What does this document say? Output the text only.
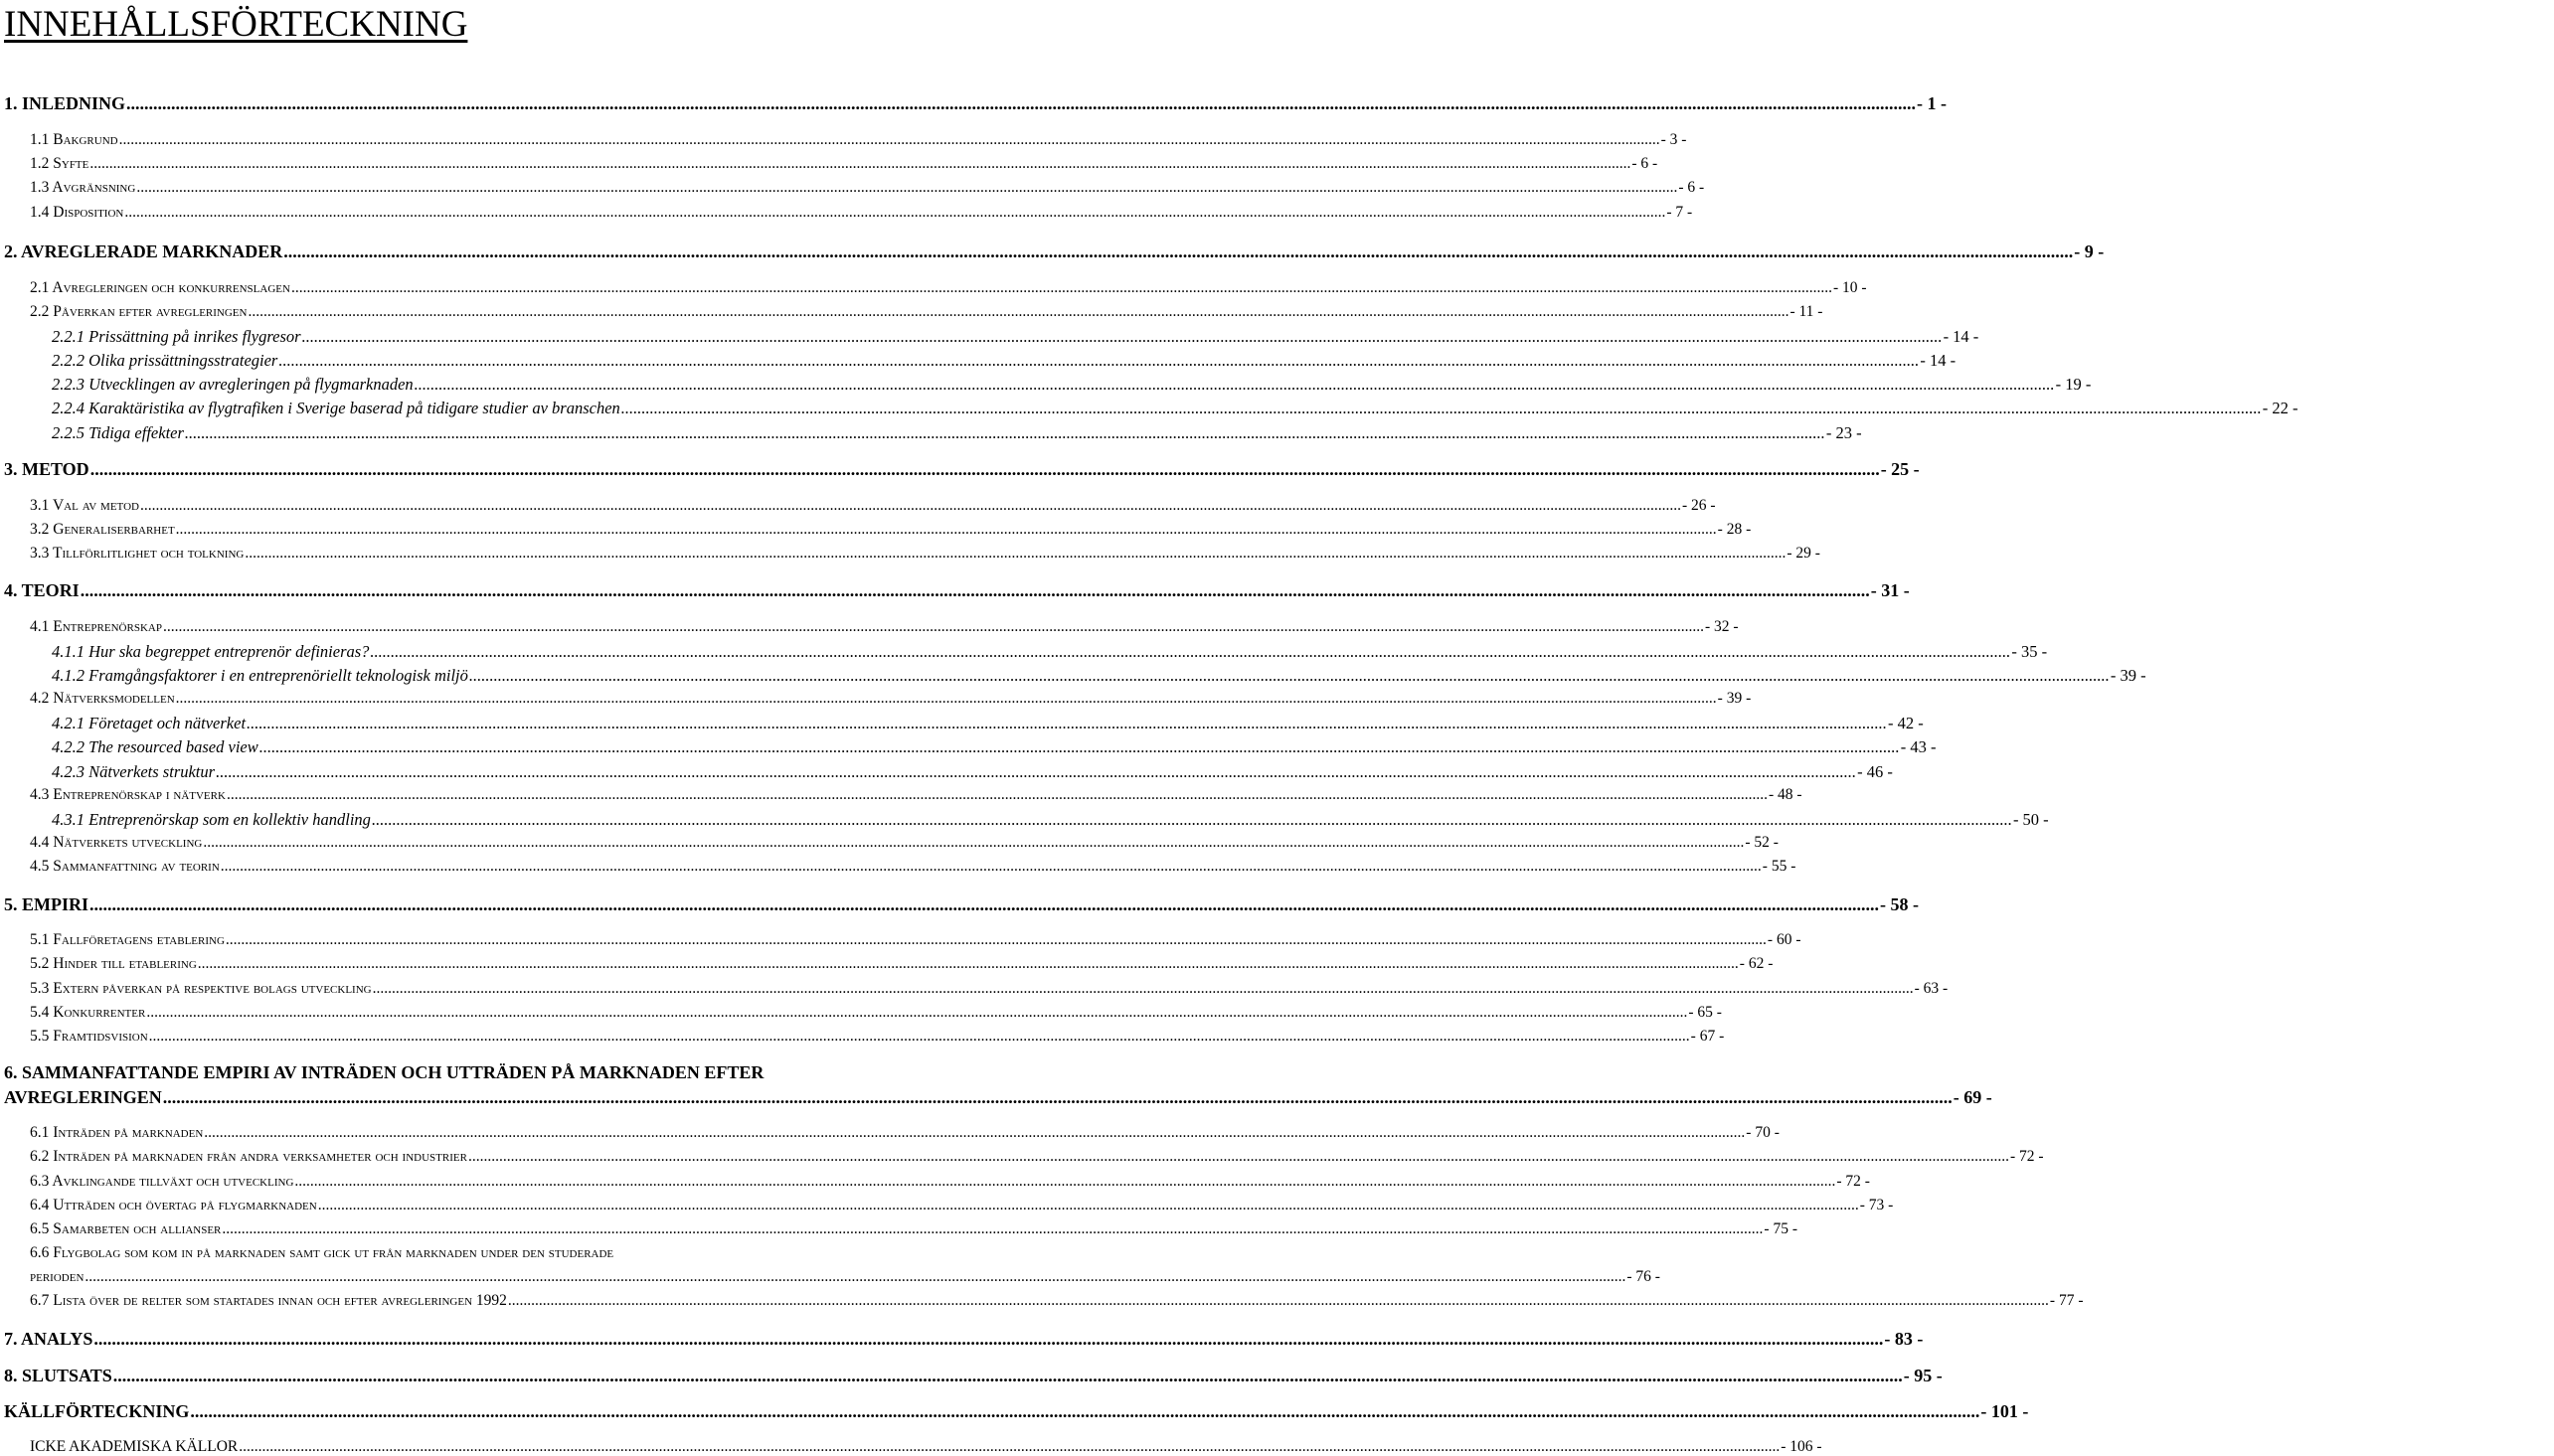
INNEHÅLLSFÖRTECKNING
1. INLEDNING ................................................................................................................................................................................................................................................................................................................................................................................................................ - 1 -
1.1 Bakgrund ................................................................................................................................................................................................................................................................................................................................................................................................................ - 3 -
1.2 Syfte ................................................................................................................................................................................................................................................................................................................................................................................................................ - 6 -
1.3 Avgränsning ................................................................................................................................................................................................................................................................................................................................................................................................................ - 6 -
1.4 Disposition ................................................................................................................................................................................................................................................................................................................................................................................................................ - 7 -
2. AVREGLERADE MARKNADER ................................................................................................................................................................................................................................................................................................................................................................................................................ - 9 -
2.1 Avregleringen och konkurrenslagen ................................................................................................................................................................................................................................................................................................................................................................................................................ - 10 -
2.2 Påverkan efter avregleringen ................................................................................................................................................................................................................................................................................................................................................................................................................ - 11 -
2.2.1 Prissättning på inrikes flygresor ................................................................................................................................................................................................................................................................................................................................................................................................................ - 14 -
2.2.2 Olika prissättningsstrategier ................................................................................................................................................................................................................................................................................................................................................................................................................ - 14 -
2.2.3 Utvecklingen av avregleringen på flygmarknaden ................................................................................................................................................................................................................................................................................................................................................................................................................ - 19 -
2.2.4 Karaktäristika av flygtrafiken i Sverige baserad på tidigare studier av branschen ................................................................................................................................................................................................................................................................................................................................................................................................................ - 22 -
2.2.5 Tidiga effekter ................................................................................................................................................................................................................................................................................................................................................................................................................ - 23 -
3. METOD ................................................................................................................................................................................................................................................................................................................................................................................................................ - 25 -
3.1 Val av metod ................................................................................................................................................................................................................................................................................................................................................................................................................ - 26 -
3.2 Generaliserbarhet ................................................................................................................................................................................................................................................................................................................................................................................................................ - 28 -
3.3 Tillförlitlighet och tolkning ................................................................................................................................................................................................................................................................................................................................................................................................................ - 29 -
4. TEORI ................................................................................................................................................................................................................................................................................................................................................................................................................ - 31 -
4.1 Entreprenörskap ................................................................................................................................................................................................................................................................................................................................................................................................................ - 32 -
4.1.1 Hur ska begreppet entreprenör definieras? ................................................................................................................................................................................................................................................................................................................................................................................................................ - 35 -
4.1.2 Framgångsfaktorer i en entreprenöriellt teknologisk miljö ................................................................................................................................................................................................................................................................................................................................................................................................................ - 39 -
4.2 Nätverksmodellen ................................................................................................................................................................................................................................................................................................................................................................................................................ - 39 -
4.2.1 Företaget och nätverket ................................................................................................................................................................................................................................................................................................................................................................................................................ - 42 -
4.2.2 The resourced based view ................................................................................................................................................................................................................................................................................................................................................................................................................ - 43 -
4.2.3 Nätverkets struktur ................................................................................................................................................................................................................................................................................................................................................................................................................ - 46 -
4.3 Entreprenörskap i nätverk ................................................................................................................................................................................................................................................................................................................................................................................................................ - 48 -
4.3.1 Entreprenörskap som en kollektiv handling ................................................................................................................................................................................................................................................................................................................................................................................................................ - 50 -
4.4 Nätverkets utveckling ................................................................................................................................................................................................................................................................................................................................................................................................................ - 52 -
4.5 Sammanfattning av teorin ................................................................................................................................................................................................................................................................................................................................................................................................................ - 55 -
5. EMPIRI ................................................................................................................................................................................................................................................................................................................................................................................................................ - 58 -
5.1 Fallföretagens etablering ................................................................................................................................................................................................................................................................................................................................................................................................................ - 60 -
5.2 Hinder till etablering ................................................................................................................................................................................................................................................................................................................................................................................................................ - 62 -
5.3 Extern påverkan på respektive bolags utveckling ................................................................................................................................................................................................................................................................................................................................................................................................................ - 63 -
5.4 Konkurrenter ................................................................................................................................................................................................................................................................................................................................................................................................................ - 65 -
5.5 Framtidsvision ................................................................................................................................................................................................................................................................................................................................................................................................................ - 67 -
6. SAMMANFATTANDE EMPIRI AV INTRÄDEN OCH UTTRÄDEN PÅ MARKNADEN EFTER
AVREGLERINGEN ................................................................................................................................................................................................................................................................................................................................................................................................................ - 69 -
6.1 Inträden på marknaden ................................................................................................................................................................................................................................................................................................................................................................................................................ - 70 -
6.2 Inträden på marknaden från andra verksamheter och industrier ................................................................................................................................................................................................................................................................................................................................................................................................................ - 72 -
6.3 Avklingande tillväxt och utveckling ................................................................................................................................................................................................................................................................................................................................................................................................................ - 72 -
6.4 Utträden och övertag på flygmarknaden ................................................................................................................................................................................................................................................................................................................................................................................................................ - 73 -
6.5 Samarbeten och allianser ................................................................................................................................................................................................................................................................................................................................................................................................................ - 75 -
6.6 Flygbolag som kom in på marknaden samt gick ut från marknaden under den studerade
perioden ................................................................................................................................................................................................................................................................................................................................................................................................................ - 76 -
6.7 Lista över de relter som startades innan och efter avregleringen 1992 ................................................................................................................................................................................................................................................................................................................................................................................................................ - 77 -
7. ANALYS ................................................................................................................................................................................................................................................................................................................................................................................................................ - 83 -
8. SLUTSATS ................................................................................................................................................................................................................................................................................................................................................................................................................ - 95 -
KÄLLFÖRTECKNING ................................................................................................................................................................................................................................................................................................................................................................................................................ - 101 -
ICKE AKADEMISKA KÄLLOR ................................................................................................................................................................................................................................................................................................................................................................................................................ - 106 -
